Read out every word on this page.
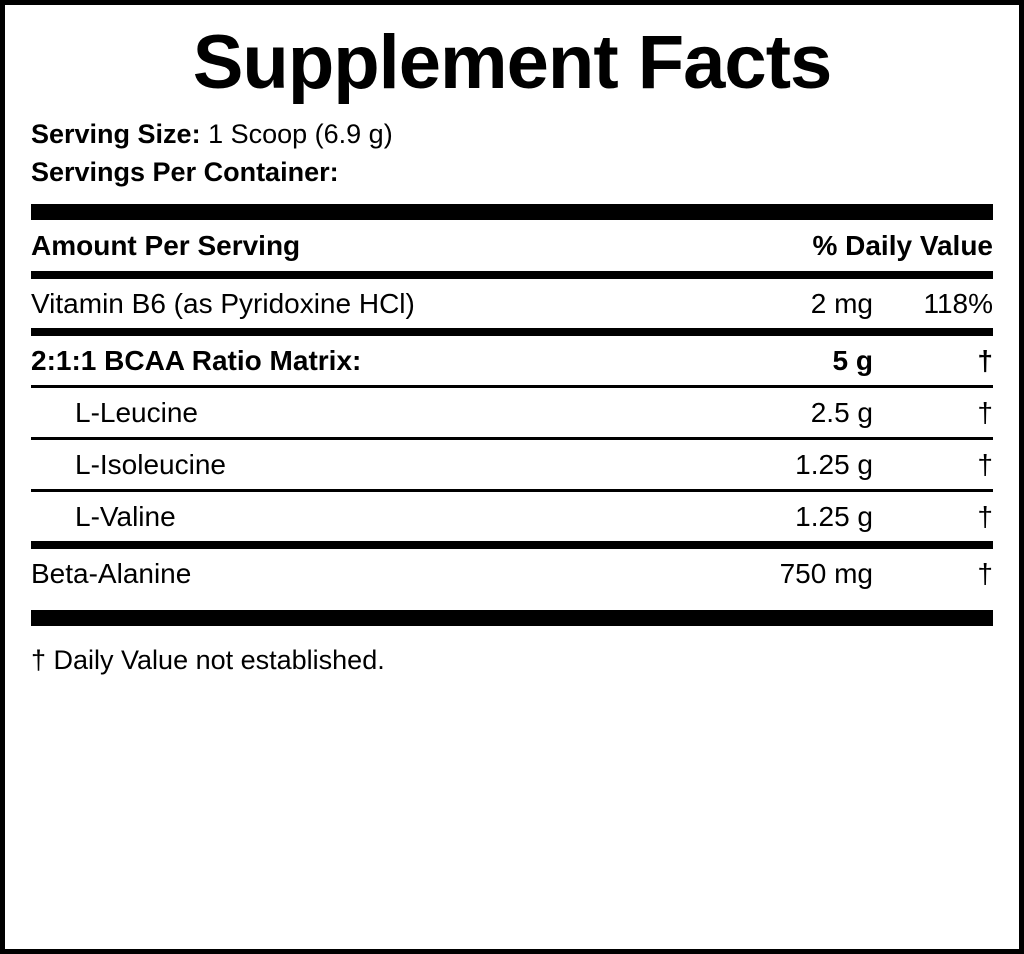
Supplement Facts
Serving Size: 1 Scoop (6.9 g)
Servings Per Container:
Amount Per Serving	% Daily Value
Vitamin B6 (as Pyridoxine HCl)	2 mg	118%
2:1:1 BCAA Ratio Matrix:	5 g	†
L-Leucine	2.5 g	†
L-Isoleucine	1.25 g	†
L-Valine	1.25 g	†
Beta-Alanine	750 mg	†
† Daily Value not established.
